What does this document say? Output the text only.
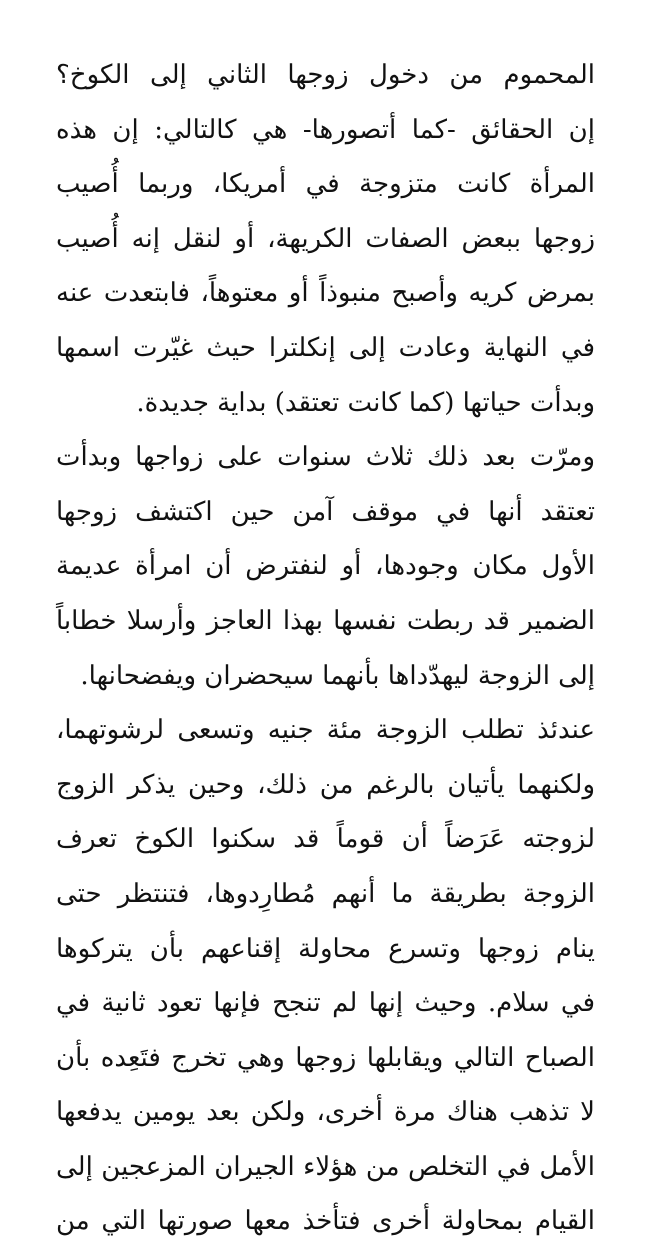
المحموم من دخول زوجها الثاني إلى الكوخ؟
إن الحقائق -كما أتصورها- هي كالتالي: إن هذه
المرأة كانت متزوجة في أمريكا، وربما أُصيب
زوجها ببعض الصفات الكريهة، أو لنقل إنه أُصيب
بمرض كريه وأصبح منبوذاً أو معتوهاً، فابتعدت عنه
في النهاية وعادت إلى إنكلترا حيث غيّرت اسمها
وبدأت حياتها (كما كانت تعتقد) بداية جديدة.
ومرّت بعد ذلك ثلاث سنوات على زواجها وبدأت
تعتقد أنها في موقف آمن حين اكتشف زوجها
الأول مكان وجودها، أو لنفترض أن امرأة عديمة
الضمير قد ربطت نفسها بهذا العاجز وأرسلا خطاباً
إلى الزوجة ليهدّداها بأنهما سيحضران ويفضحانها.
عندئذ تطلب الزوجة مئة جنيه وتسعى لرشوتهما،
ولكنهما يأتيان بالرغم من ذلك، وحين يذكر الزوج
لزوجته عَرَضاً أن قوماً قد سكنوا الكوخ تعرف
الزوجة بطريقة ما أنهم مُطارِدوها، فتنتظر حتى
ينام زوجها وتسرع محاولة إقناعهم بأن يتركوها
في سلام. وحيث إنها لم تنجح فإنها تعود ثانية في
الصباح التالي ويقابلها زوجها وهي تخرج فتَعِده بأن
لا تذهب هناك مرة أخرى، ولكن بعد يومين يدفعها
الأمل في التخلص من هؤلاء الجيران المزعجين إلى
القيام بمحاولة أخرى فتأخذ معها صورتها التي من
